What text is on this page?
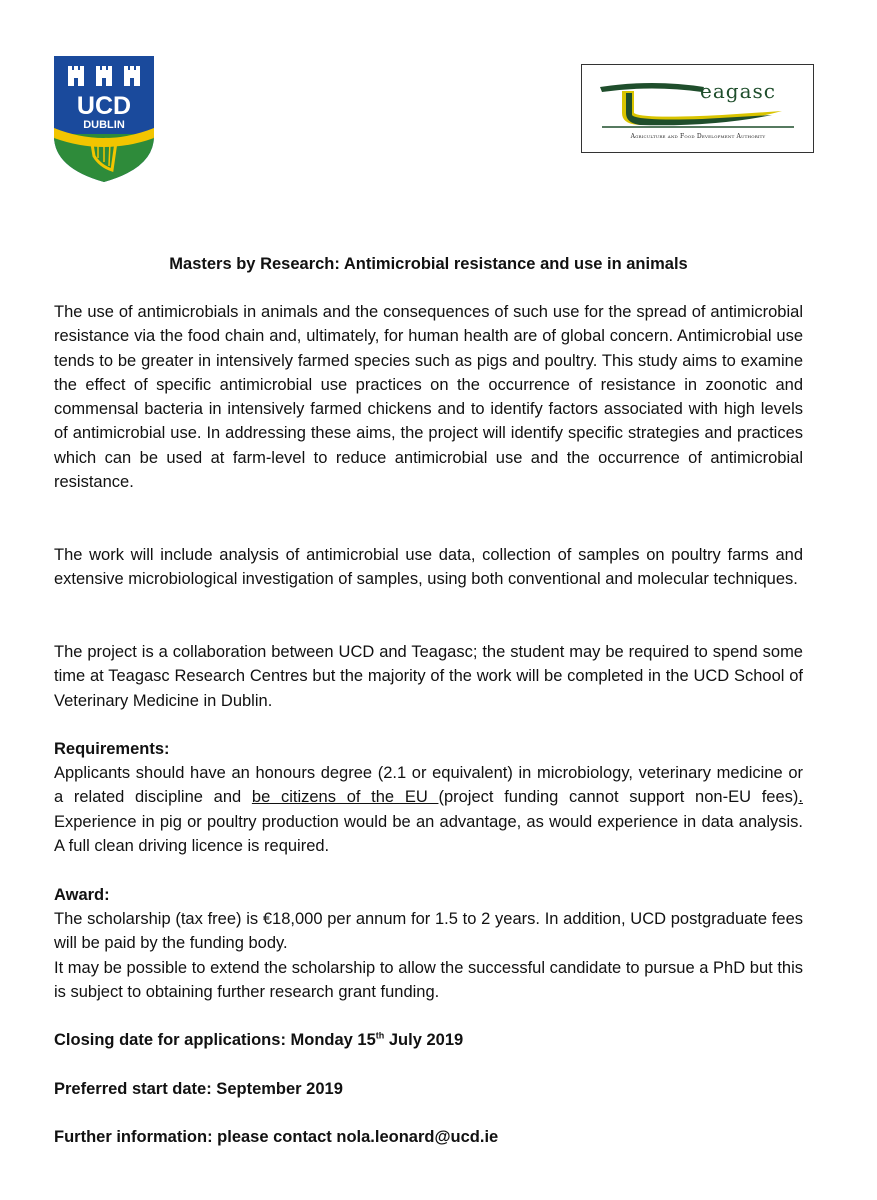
UCD
DUBLIN
eagasc
Agriculture and Food Development Authority
Masters by Research: Antimicrobial resistance and use in animals

The use of antimicrobials in animals and the consequences of such use for the spread of antimicrobial resistance via the food chain and, ultimately, for human health are of global concern. Antimicrobial use tends to be greater in intensively farmed species such as pigs and poultry. This study aims to examine the effect of specific antimicrobial use practices on the occurrence of resistance in zoonotic and commensal bacteria in intensively farmed chickens and to identify factors associated with high levels of antimicrobial use. In addressing these aims, the project will identify specific strategies and practices which can be used at farm-level to reduce antimicrobial use and the occurrence of antimicrobial resistance.

The work will include analysis of antimicrobial use data, collection of samples on poultry farms and extensive microbiological investigation of samples, using both conventional and molecular techniques.

The project is a collaboration between UCD and Teagasc; the student may be required to spend some time at Teagasc Research Centres but the majority of the work will be completed in the UCD School of Veterinary Medicine in Dublin.

Requirements:

Applicants should have an honours degree (2.1 or equivalent) in microbiology, veterinary medicine or a related discipline and be citizens of the EU (project funding cannot support non-EU fees). Experience in pig or poultry production would be an advantage, as would experience in data analysis. A full clean driving licence is required.

Award:

The scholarship (tax free) is €18,000 per annum for 1.5 to 2 years. In addition, UCD postgraduate fees will be paid by the funding body.

It may be possible to extend the scholarship to allow the successful candidate to pursue a PhD but this is subject to obtaining further research grant funding.

Closing date for applications: Monday 15th July 2019

Preferred start date: September 2019

Further information: please contact nola.leonard@ucd.ie
